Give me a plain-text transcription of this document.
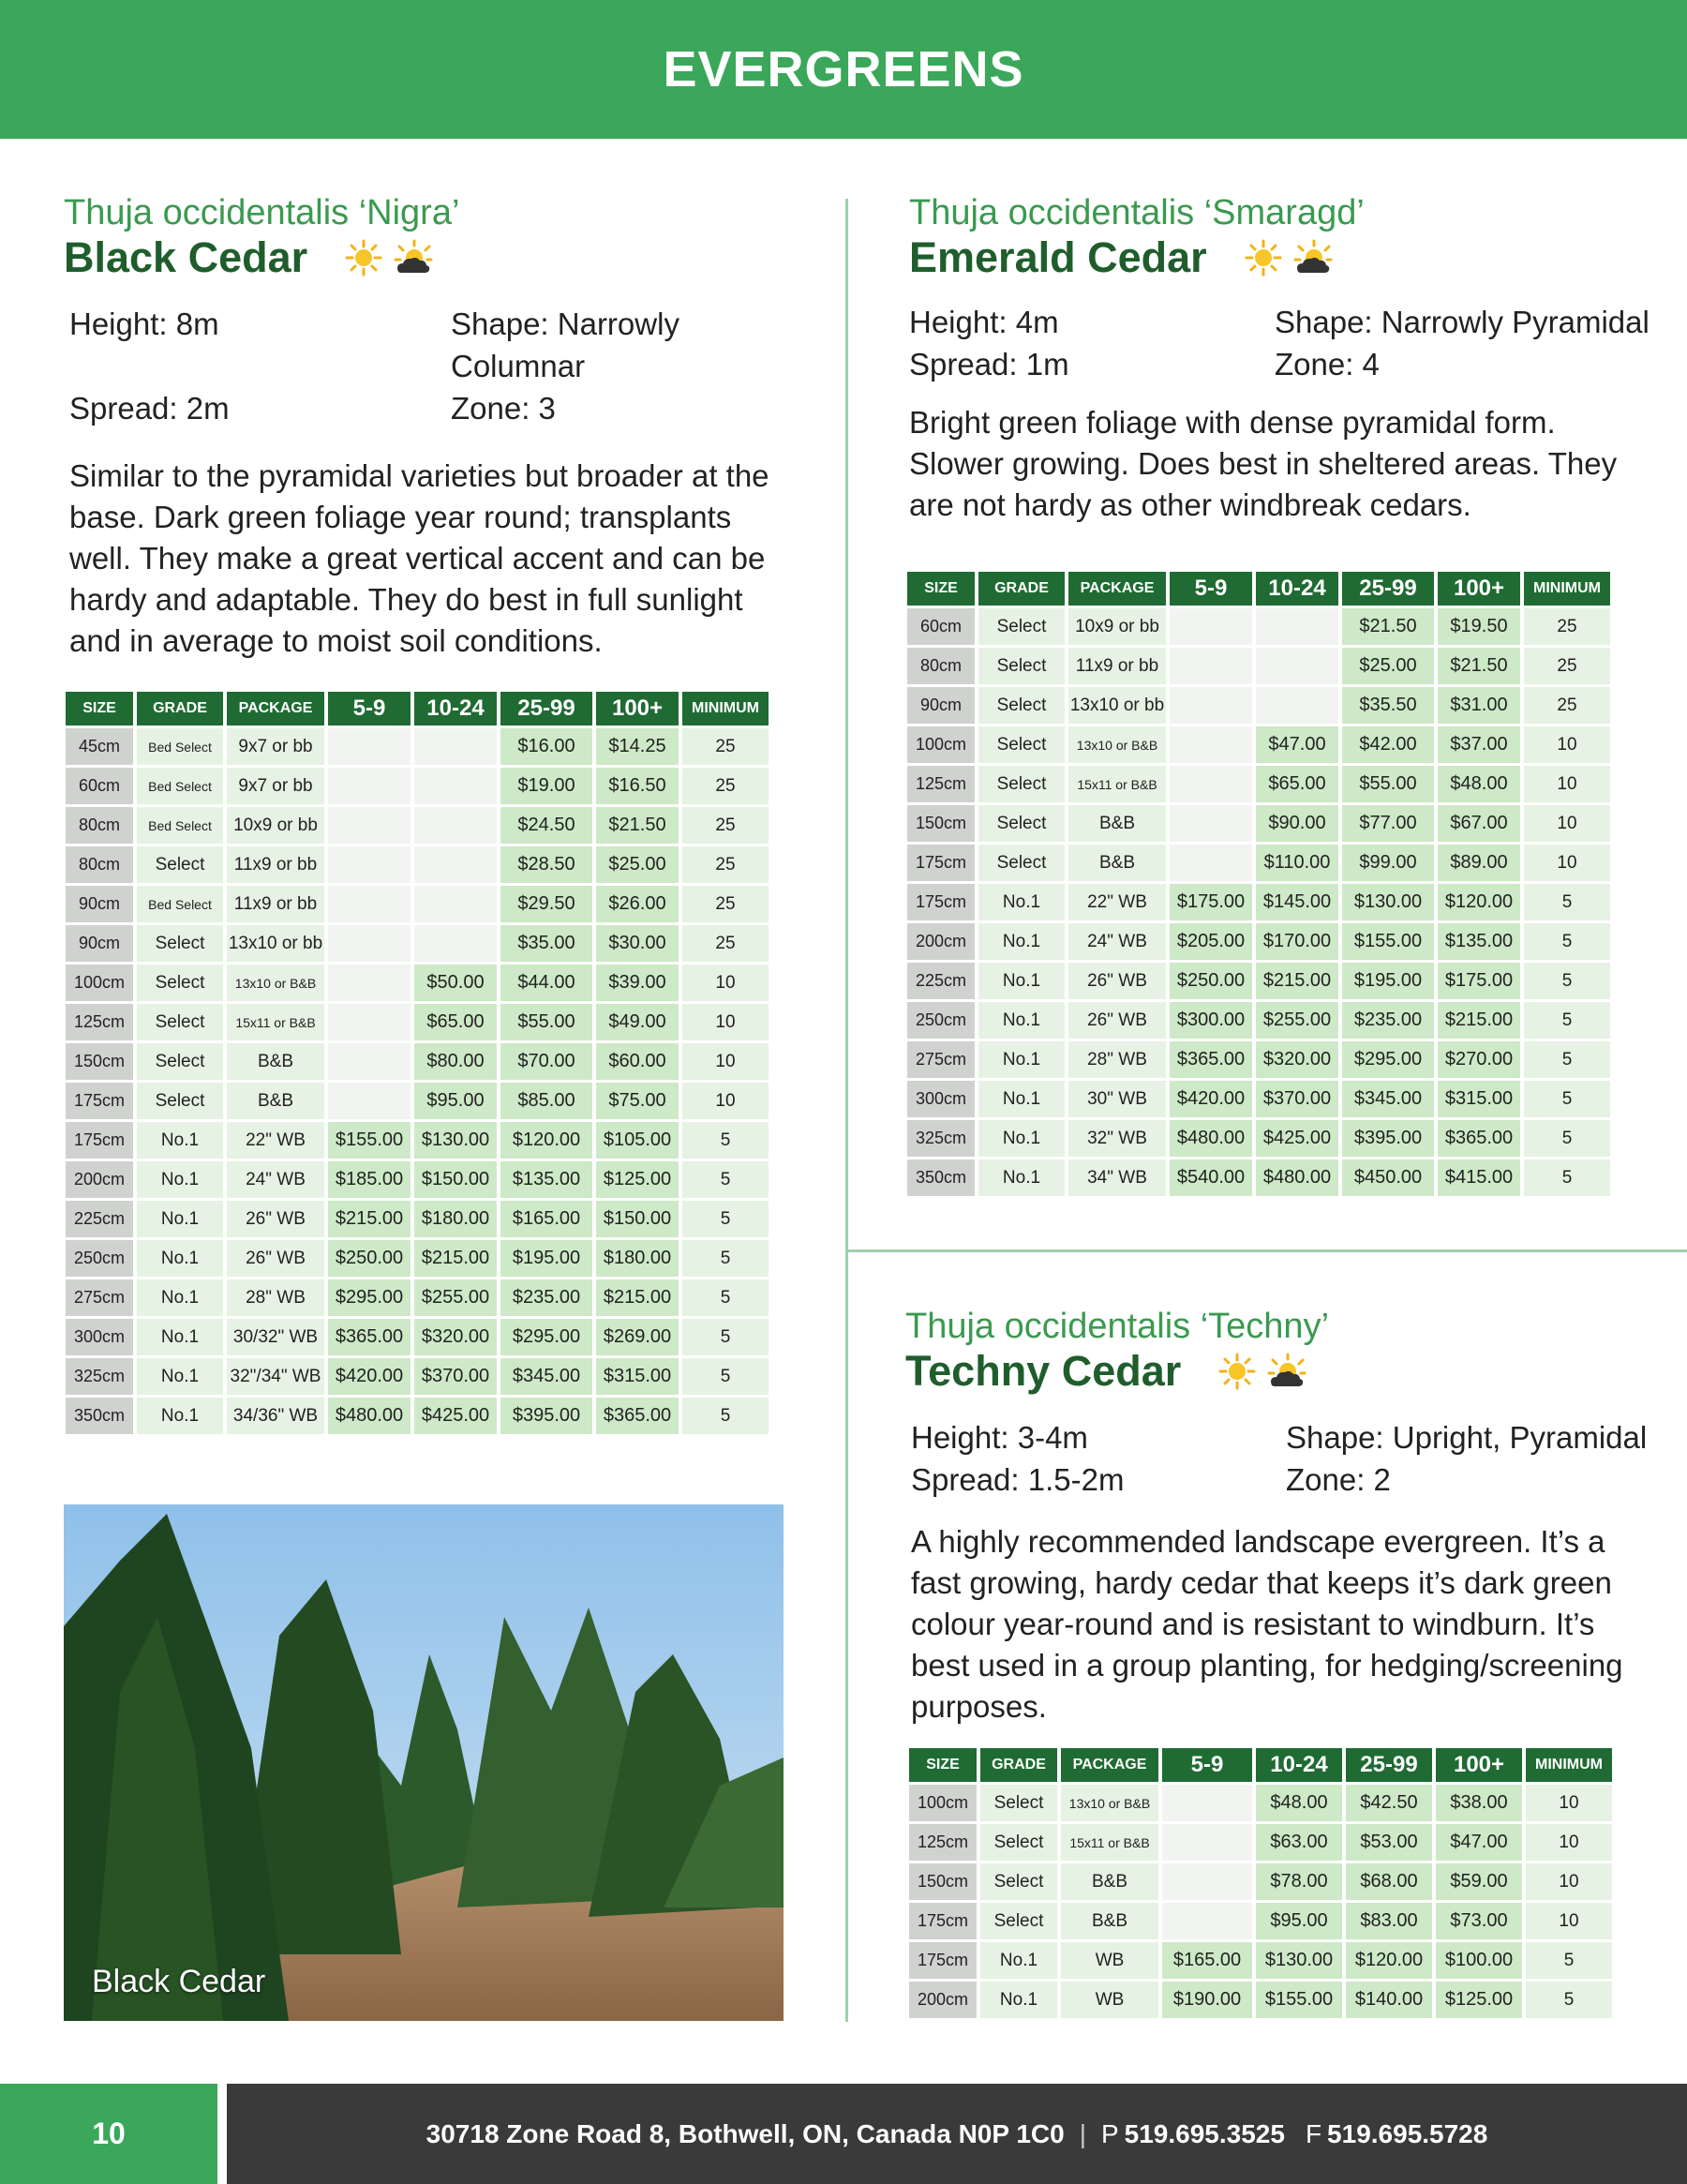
EVERGREENS

Thuja occidentalis ‘Nigra’

Black Cedar
Height: 8m	Shape: Narrowly Columnar
Spread: 2m	Zone: 3

Similar to the pyramidal varieties but broader at the base. Dark green foliage year round; transplants well. They make a great vertical accent and can be hardy and adaptable. They do best in full sunlight and in average to moist soil conditions.

SIZE	GRADE	PACKAGE	5-9	10-24	25-99	100+	MINIMUM
45cm	Bed Select	9x7 or bb			$16.00	$14.25	25
60cm	Bed Select	9x7 or bb			$19.00	$16.50	25
80cm	Bed Select	10x9 or bb			$24.50	$21.50	25
80cm	Select	11x9 or bb			$28.50	$25.00	25
90cm	Bed Select	11x9 or bb			$29.50	$26.00	25
90cm	Select	13x10 or bb			$35.00	$30.00	25
100cm	Select	13x10 or B&B		$50.00	$44.00	$39.00	10
125cm	Select	15x11 or B&B		$65.00	$55.00	$49.00	10
150cm	Select	B&B		$80.00	$70.00	$60.00	10
175cm	Select	B&B		$95.00	$85.00	$75.00	10
175cm	No.1	22" WB	$155.00	$130.00	$120.00	$105.00	5
200cm	No.1	24" WB	$185.00	$150.00	$135.00	$125.00	5
225cm	No.1	26" WB	$215.00	$180.00	$165.00	$150.00	5
250cm	No.1	26" WB	$250.00	$215.00	$195.00	$180.00	5
275cm	No.1	28" WB	$295.00	$255.00	$235.00	$215.00	5
300cm	No.1	30/32" WB	$365.00	$320.00	$295.00	$269.00	5
325cm	No.1	32"/34" WB	$420.00	$370.00	$345.00	$315.00	5
350cm	No.1	34/36" WB	$480.00	$425.00	$395.00	$365.00	5
Black Cedar

Thuja occidentalis ‘Smaragd’

Emerald Cedar
Height: 4m	Shape: Narrowly Pyramidal
Spread: 1m	Zone: 4

Bright green foliage with dense pyramidal form. Slower growing. Does best in sheltered areas. They are not hardy as other windbreak cedars.

SIZE	GRADE	PACKAGE	5-9	10-24	25-99	100+	MINIMUM
60cm	Select	10x9 or bb			$21.50	$19.50	25
80cm	Select	11x9 or bb			$25.00	$21.50	25
90cm	Select	13x10 or bb			$35.50	$31.00	25
100cm	Select	13x10 or B&B		$47.00	$42.00	$37.00	10
125cm	Select	15x11 or B&B		$65.00	$55.00	$48.00	10
150cm	Select	B&B		$90.00	$77.00	$67.00	10
175cm	Select	B&B		$110.00	$99.00	$89.00	10
175cm	No.1	22" WB	$175.00	$145.00	$130.00	$120.00	5
200cm	No.1	24" WB	$205.00	$170.00	$155.00	$135.00	5
225cm	No.1	26" WB	$250.00	$215.00	$195.00	$175.00	5
250cm	No.1	26" WB	$300.00	$255.00	$235.00	$215.00	5
275cm	No.1	28" WB	$365.00	$320.00	$295.00	$270.00	5
300cm	No.1	30" WB	$420.00	$370.00	$345.00	$315.00	5
325cm	No.1	32" WB	$480.00	$425.00	$395.00	$365.00	5
350cm	No.1	34" WB	$540.00	$480.00	$450.00	$415.00	5

Thuja occidentalis ‘Techny’

Techny Cedar
Height: 3-4m	Shape: Upright, Pyramidal
Spread: 1.5-2m	Zone: 2

A highly recommended landscape evergreen. It’s a fast growing, hardy cedar that keeps it’s dark green colour year-round and is resistant to windburn. It’s best used in a group planting, for hedging/screening purposes.

SIZE	GRADE	PACKAGE	5-9	10-24	25-99	100+	MINIMUM
100cm	Select	13x10 or B&B		$48.00	$42.50	$38.00	10
125cm	Select	15x11 or B&B		$63.00	$53.00	$47.00	10
150cm	Select	B&B		$78.00	$68.00	$59.00	10
175cm	Select	B&B		$95.00	$83.00	$73.00	10
175cm	No.1	WB	$165.00	$130.00	$120.00	$100.00	5
200cm	No.1	WB	$190.00	$155.00	$140.00	$125.00	5
10	30718 Zone Road 8, Bothwell, ON, Canada N0P 1C0 | P 519.695.3525 F 519.695.5728
